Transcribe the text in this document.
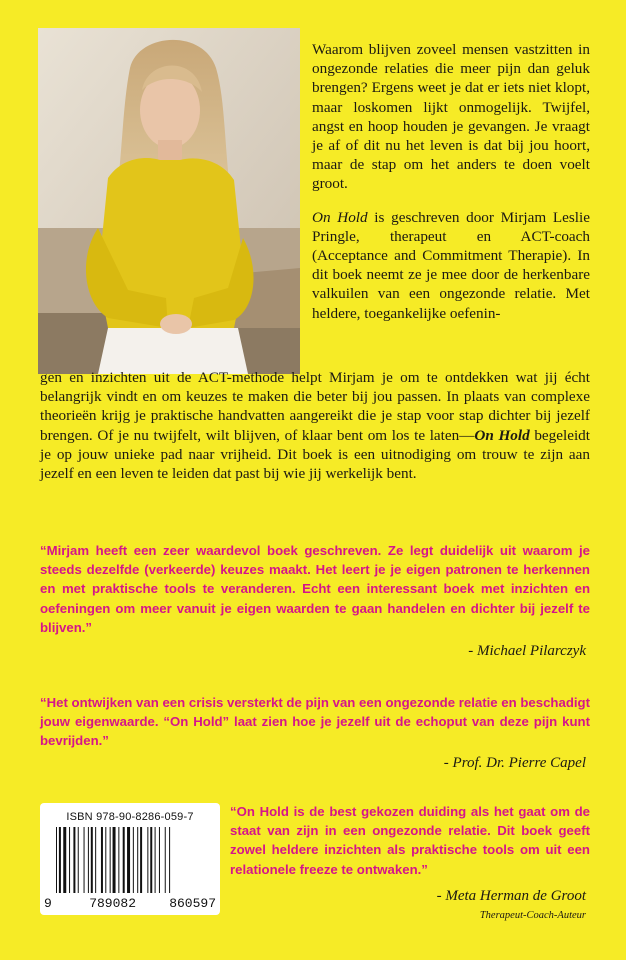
Waarom blijven zoveel mensen vastzitten in ongezonde relaties die meer pijn dan geluk brengen? Ergens weet je dat er iets niet klopt, maar loskomen lijkt onmogelijk. Twijfel, angst en hoop houden je gevangen. Je vraagt je af of dit nu het leven is dat bij jou hoort, maar de stap om het anders te doen voelt groot.

On Hold is geschreven door Mirjam Leslie Pringle, therapeut en ACT-coach (Acceptance and Commitment Therapie). In dit boek neemt ze je mee door de herkenbare valkuilen van een ongezonde relatie. Met heldere, toegankelijke oefenin-

gen en inzichten uit de ACT-methode helpt Mirjam je om te ontdekken wat jij écht belangrijk vindt en om keuzes te maken die beter bij jou passen. In plaats van complexe theorieën krijg je praktische handvatten aangereikt die je stap voor stap dichter bij jezelf brengen. Of je nu twijfelt, wilt blijven, of klaar bent om los te laten—On Hold begeleidt je op jouw unieke pad naar vrijheid. Dit boek is een uitnodiging om trouw te zijn aan jezelf en een leven te leiden dat past bij wie jij werkelijk bent.

“Mirjam heeft een zeer waardevol boek geschreven. Ze legt duidelijk uit waarom je steeds dezelfde (verkeerde) keuzes maakt. Het leert je je eigen patronen te herkennen en met praktische tools te veranderen. Echt een interessant boek met inzichten en oefeningen om meer vanuit je eigen waarden te gaan handelen en dichter bij jezelf te blijven.”

- Michael Pilarczyk

“Het ontwijken van een crisis versterkt de pijn van een ongezonde relatie en beschadigt jouw eigenwaarde. “On Hold” laat zien hoe je jezelf uit de echoput van deze pijn kunt bevrijden.”

- Prof. Dr. Pierre Capel

ISBN 978-90-8286-059-7
9	789082	860597

“On Hold is de best gekozen duiding als het gaat om de staat van zijn in een ongezonde relatie. Dit boek geeft zowel heldere inzichten als praktische tools om uit een relationele freeze te ontwaken.”

- Meta Herman de Groot

Therapeut-Coach-Auteur
